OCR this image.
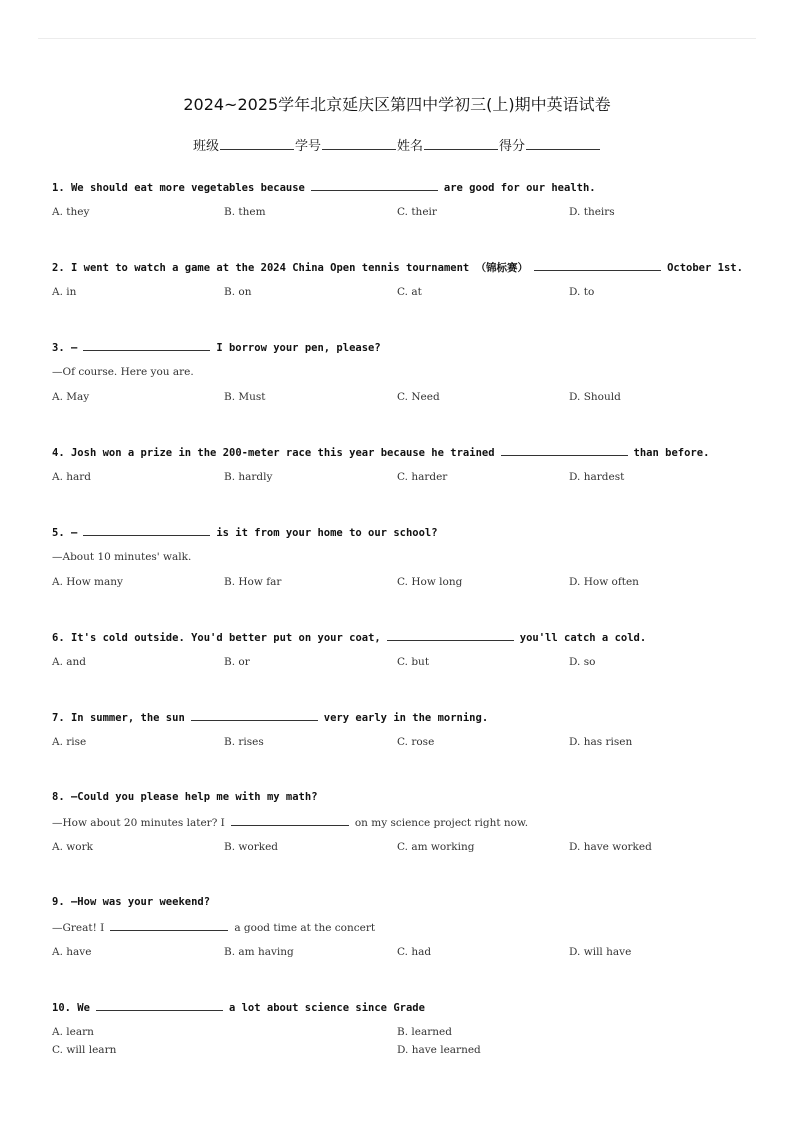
2024~2025学年北京延庆区第四中学初三(上)期中英语试卷
班级	学号	姓名	得分
1. We should eat more vegetables because	are good for our health.
A. they	B. them	C. their	D. theirs
2. I went to watch a game at the 2024 China Open tennis tournament （锦标赛）	October 1st.
A. in	B. on	C. at	D. to
3. —	I borrow your pen, please?
—Of course. Here you are.
A. May	B. Must	C. Need	D. Should
4. Josh won a prize in the 200-meter race this year because he trained	than before.
A. hard	B. hardly	C. harder	D. hardest
5. —	is it from your home to our school?
—About 10 minutes' walk.
A. How many	B. How far	C. How long	D. How often
6. It's cold outside. You'd better put on your coat,	you'll catch a cold.
A. and	B. or	C. but	D. so
7. In summer, the sun	very early in the morning.
A. rise	B. rises	C. rose	D. has risen
8. —Could you please help me with my math?
—How about 20 minutes later? I	on my science project right now.
A. work	B. worked	C. am working	D. have worked
9. —How was your weekend?
—Great! I	a good time at the concert
A. have	B. am having	C. had	D. will have
10. We	a lot about science since Grade
A. learn	B. learned
C. will learn	D. have learned
